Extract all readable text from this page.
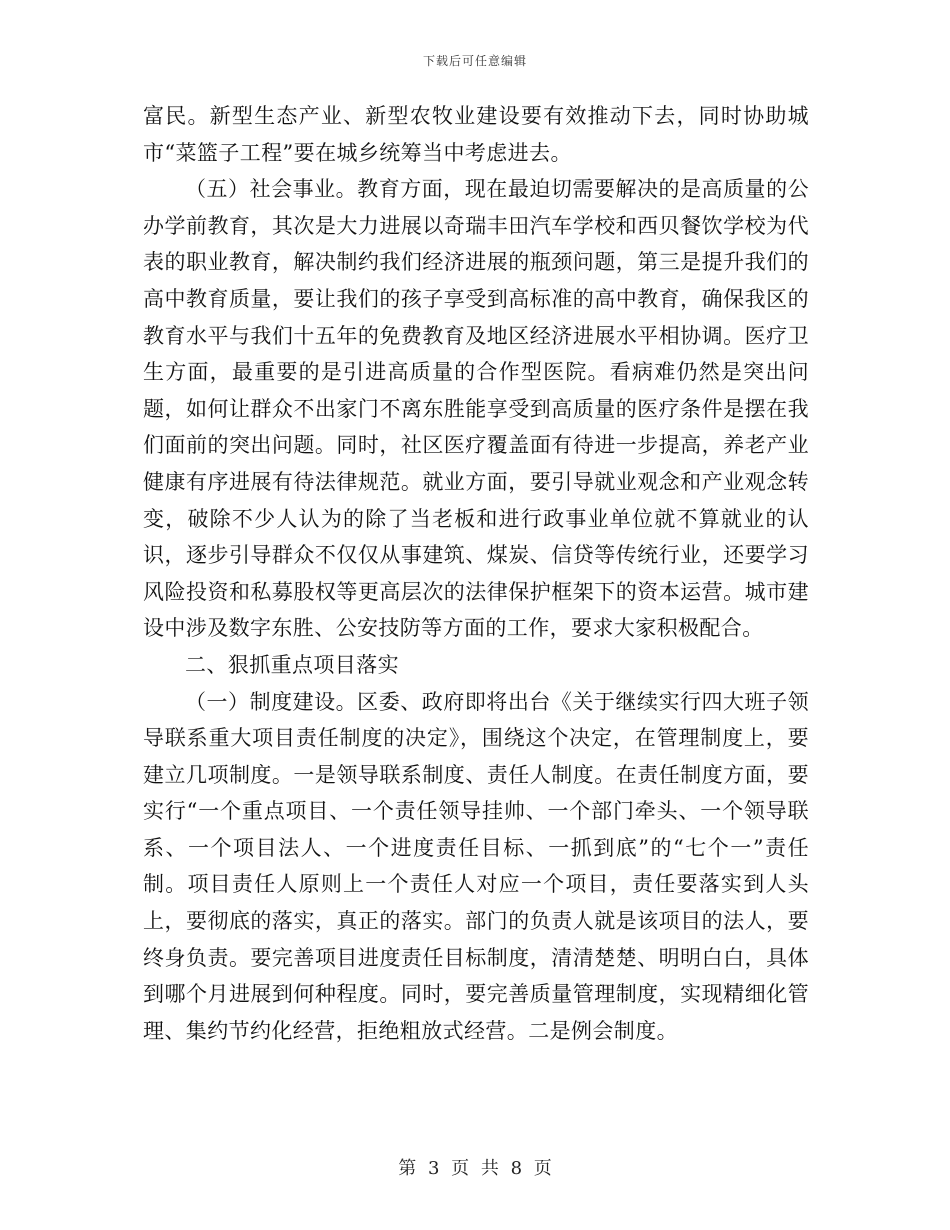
下载后可任意编辑

富民。新型生态产业、新型农牧业建设要有效推动下去，同时协助城市“菜篮子工程”要在城乡统筹当中考虑进去。

（五）社会事业。教育方面，现在最迫切需要解决的是高质量的公办学前教育，其次是大力进展以奇瑞丰田汽车学校和西贝餐饮学校为代表的职业教育，解决制约我们经济进展的瓶颈问题，第三是提升我们的高中教育质量，要让我们的孩子享受到高标准的高中教育，确保我区的教育水平与我们十五年的免费教育及地区经济进展水平相协调。医疗卫生方面，最重要的是引进高质量的合作型医院。看病难仍然是突出问题，如何让群众不出家门不离东胜能享受到高质量的医疗条件是摆在我们面前的突出问题。同时，社区医疗覆盖面有待进一步提高，养老产业健康有序进展有待法律规范。就业方面，要引导就业观念和产业观念转变，破除不少人认为的除了当老板和进行政事业单位就不算就业的认识，逐步引导群众不仅仅从事建筑、煤炭、信贷等传统行业，还要学习风险投资和私募股权等更高层次的法律保护框架下的资本运营。城市建设中涉及数字东胜、公安技防等方面的工作，要求大家积极配合。

二、狠抓重点项目落实

（一）制度建设。区委、政府即将出台《关于继续实行四大班子领导联系重大项目责任制度的决定》，围绕这个决定，在管理制度上，要建立几项制度。一是领导联系制度、责任人制度。在责任制度方面，要实行“一个重点项目、一个责任领导挂帅、一个部门牵头、一个领导联系、一个项目法人、一个进度责任目标、一抓到底”的“七个一”责任制。项目责任人原则上一个责任人对应一个项目，责任要落实到人头上，要彻底的落实，真正的落实。部门的负责人就是该项目的法人，要终身负责。要完善项目进度责任目标制度，清清楚楚、明明白白，具体到哪个月进展到何种程度。同时，要完善质量管理制度，实现精细化管理、集约节约化经营，拒绝粗放式经营。二是例会制度。

第 3 页 共 8 页
